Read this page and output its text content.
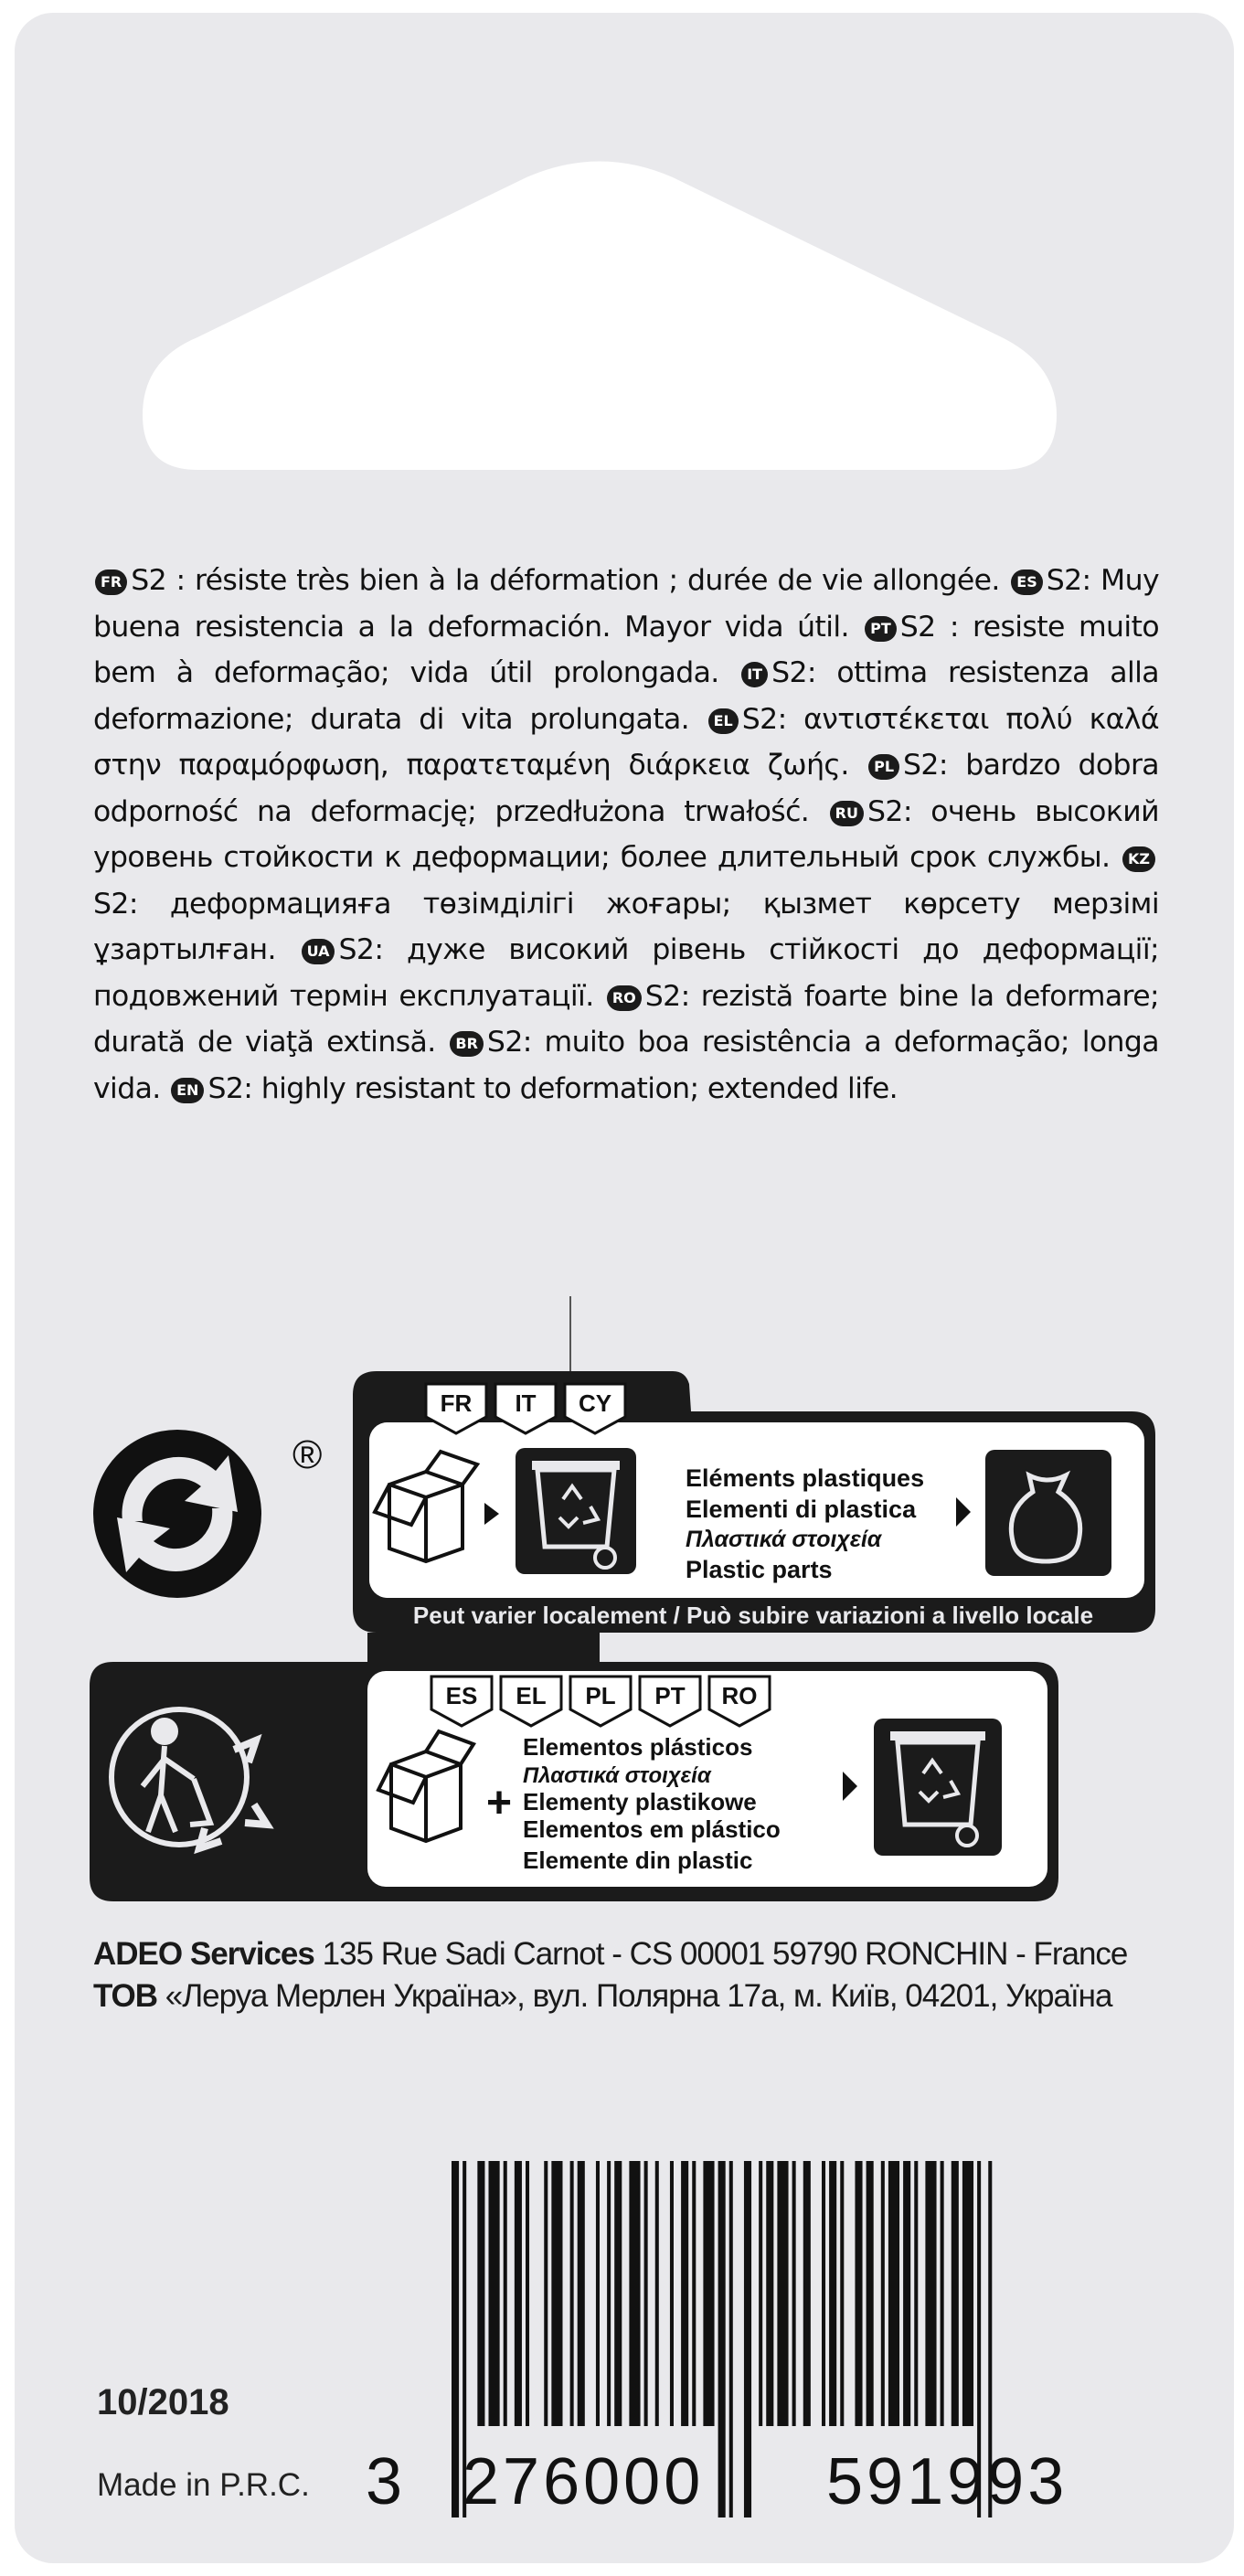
FR S2 : résiste très bien à la déformation ; durée de vie allongée. ES S2: Muy buena resistencia a la deformación. Mayor vida útil. PT S2 : resiste muito bem à deformação; vida útil prolongada. IT S2: ottima resistenza alla deformazione; durata di vita prolungata. EL S2: αντιστέκεται πολύ καλά στην παραμόρφωση, παρατεταμένη διάρκεια ζωής. PL S2: bardzo dobra odporność na deformację; przedłużona trwałość. RU S2: очень высокий уровень стойкости к деформации; более длительный срок службы. KZS2: деформацияға төзімділігі жоғары; қызмет көрсету мерзімі ұзартылған. UA S2: дуже високий рівень стійкості до деформації; подовжений термін експлуатації. RO S2: rezistă foarte bine la deformare; durată de viaţă extinsă. BR S2: muito boa resistência a deformação; longa vida. EN S2: highly resistant to deformation; extended life.
®
FR IT CY
Eléments plastiques
Elementi di plastica
Πλαστικά στοιχεία
Plastic parts
Peut varier localement / Può subire variazioni a livello locale
ES EL PL PT RO
+
Elementos plásticos
Πλαστικά στοιχεία
Elementy plastikowe
Elementos em plástico
Elemente din plastic
ADEO Services 135 Rue Sadi Carnot - CS 00001 59790 RONCHIN - France
ТОВ «Леруа Мерлен Україна», вул. Полярна 17а, м. Київ, 04201, Україна
10/2018
Made in P.R.C. 3 276000 591993
